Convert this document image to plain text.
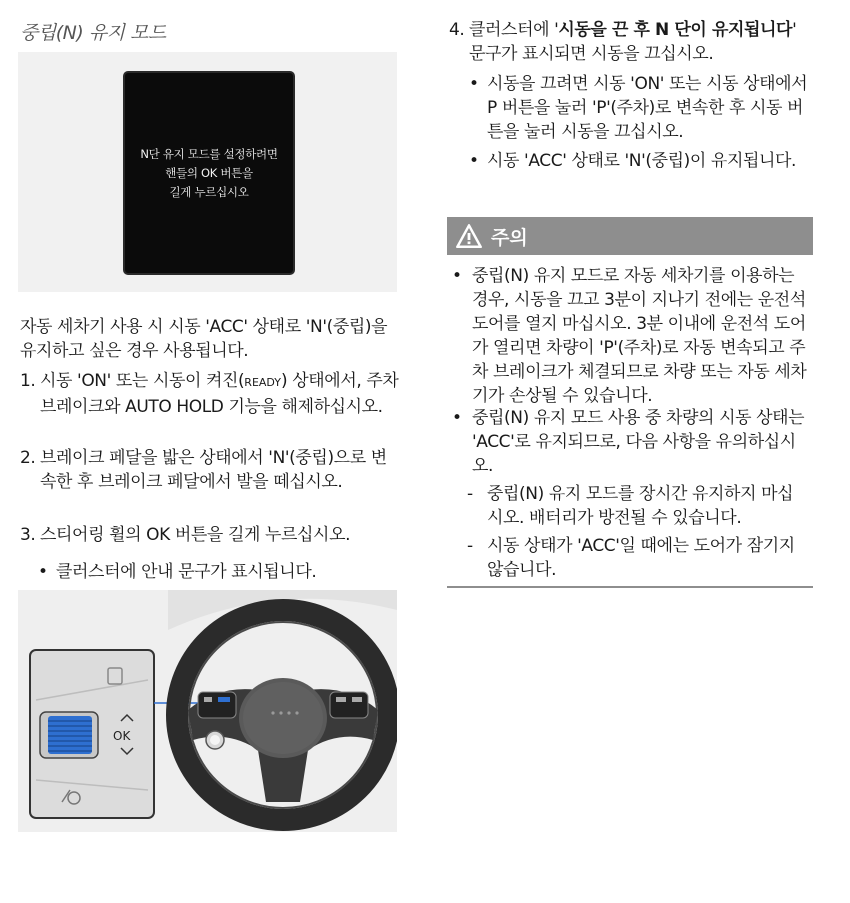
중립(N) 유지 모드
N단 유지 모드를 설정하려면
핸들의 OK 버튼을
길게 누르십시오
자동 세차기 사용 시 시동 'ACC' 상태로 'N'(중립)을 유지하고 싶은 경우 사용됩니다.
1. 시동 'ON' 또는 시동이 켜진(READY) 상태에서, 주차 브레이크와 AUTO HOLD 기능을 해제하십시오.
2. 브레이크 페달을 밟은 상태에서 'N'(중립)으로 변속한 후 브레이크 페달에서 발을 떼십시오.
3. 스티어링 휠의 OK 버튼을 길게 누르십시오.
• 클러스터에 안내 문구가 표시됩니다.
OK
4. 클러스터에 '시동을 끈 후 N 단이 유지됩니다' 문구가 표시되면 시동을 끄십시오.
• 시동을 끄려면 시동 'ON' 또는 시동 상태에서 P 버튼을 눌러 'P'(주차)로 변속한 후 시동 버튼을 눌러 시동을 끄십시오.
• 시동 'ACC' 상태로 'N'(중립)이 유지됩니다.
주의
• 중립(N) 유지 모드로 자동 세차기를 이용하는 경우, 시동을 끄고 3분이 지나기 전에는 운전석 도어를 열지 마십시오. 3분 이내에 운전석 도어가 열리면 차량이 'P'(주차)로 자동 변속되고 주차 브레이크가 체결되므로 차량 또는 자동 세차기가 손상될 수 있습니다.
• 중립(N) 유지 모드 사용 중 차량의 시동 상태는 'ACC'로 유지되므로, 다음 사항을 유의하십시오.
- 중립(N) 유지 모드를 장시간 유지하지 마십시오. 배터리가 방전될 수 있습니다.
- 시동 상태가 'ACC'일 때에는 도어가 잠기지 않습니다.
